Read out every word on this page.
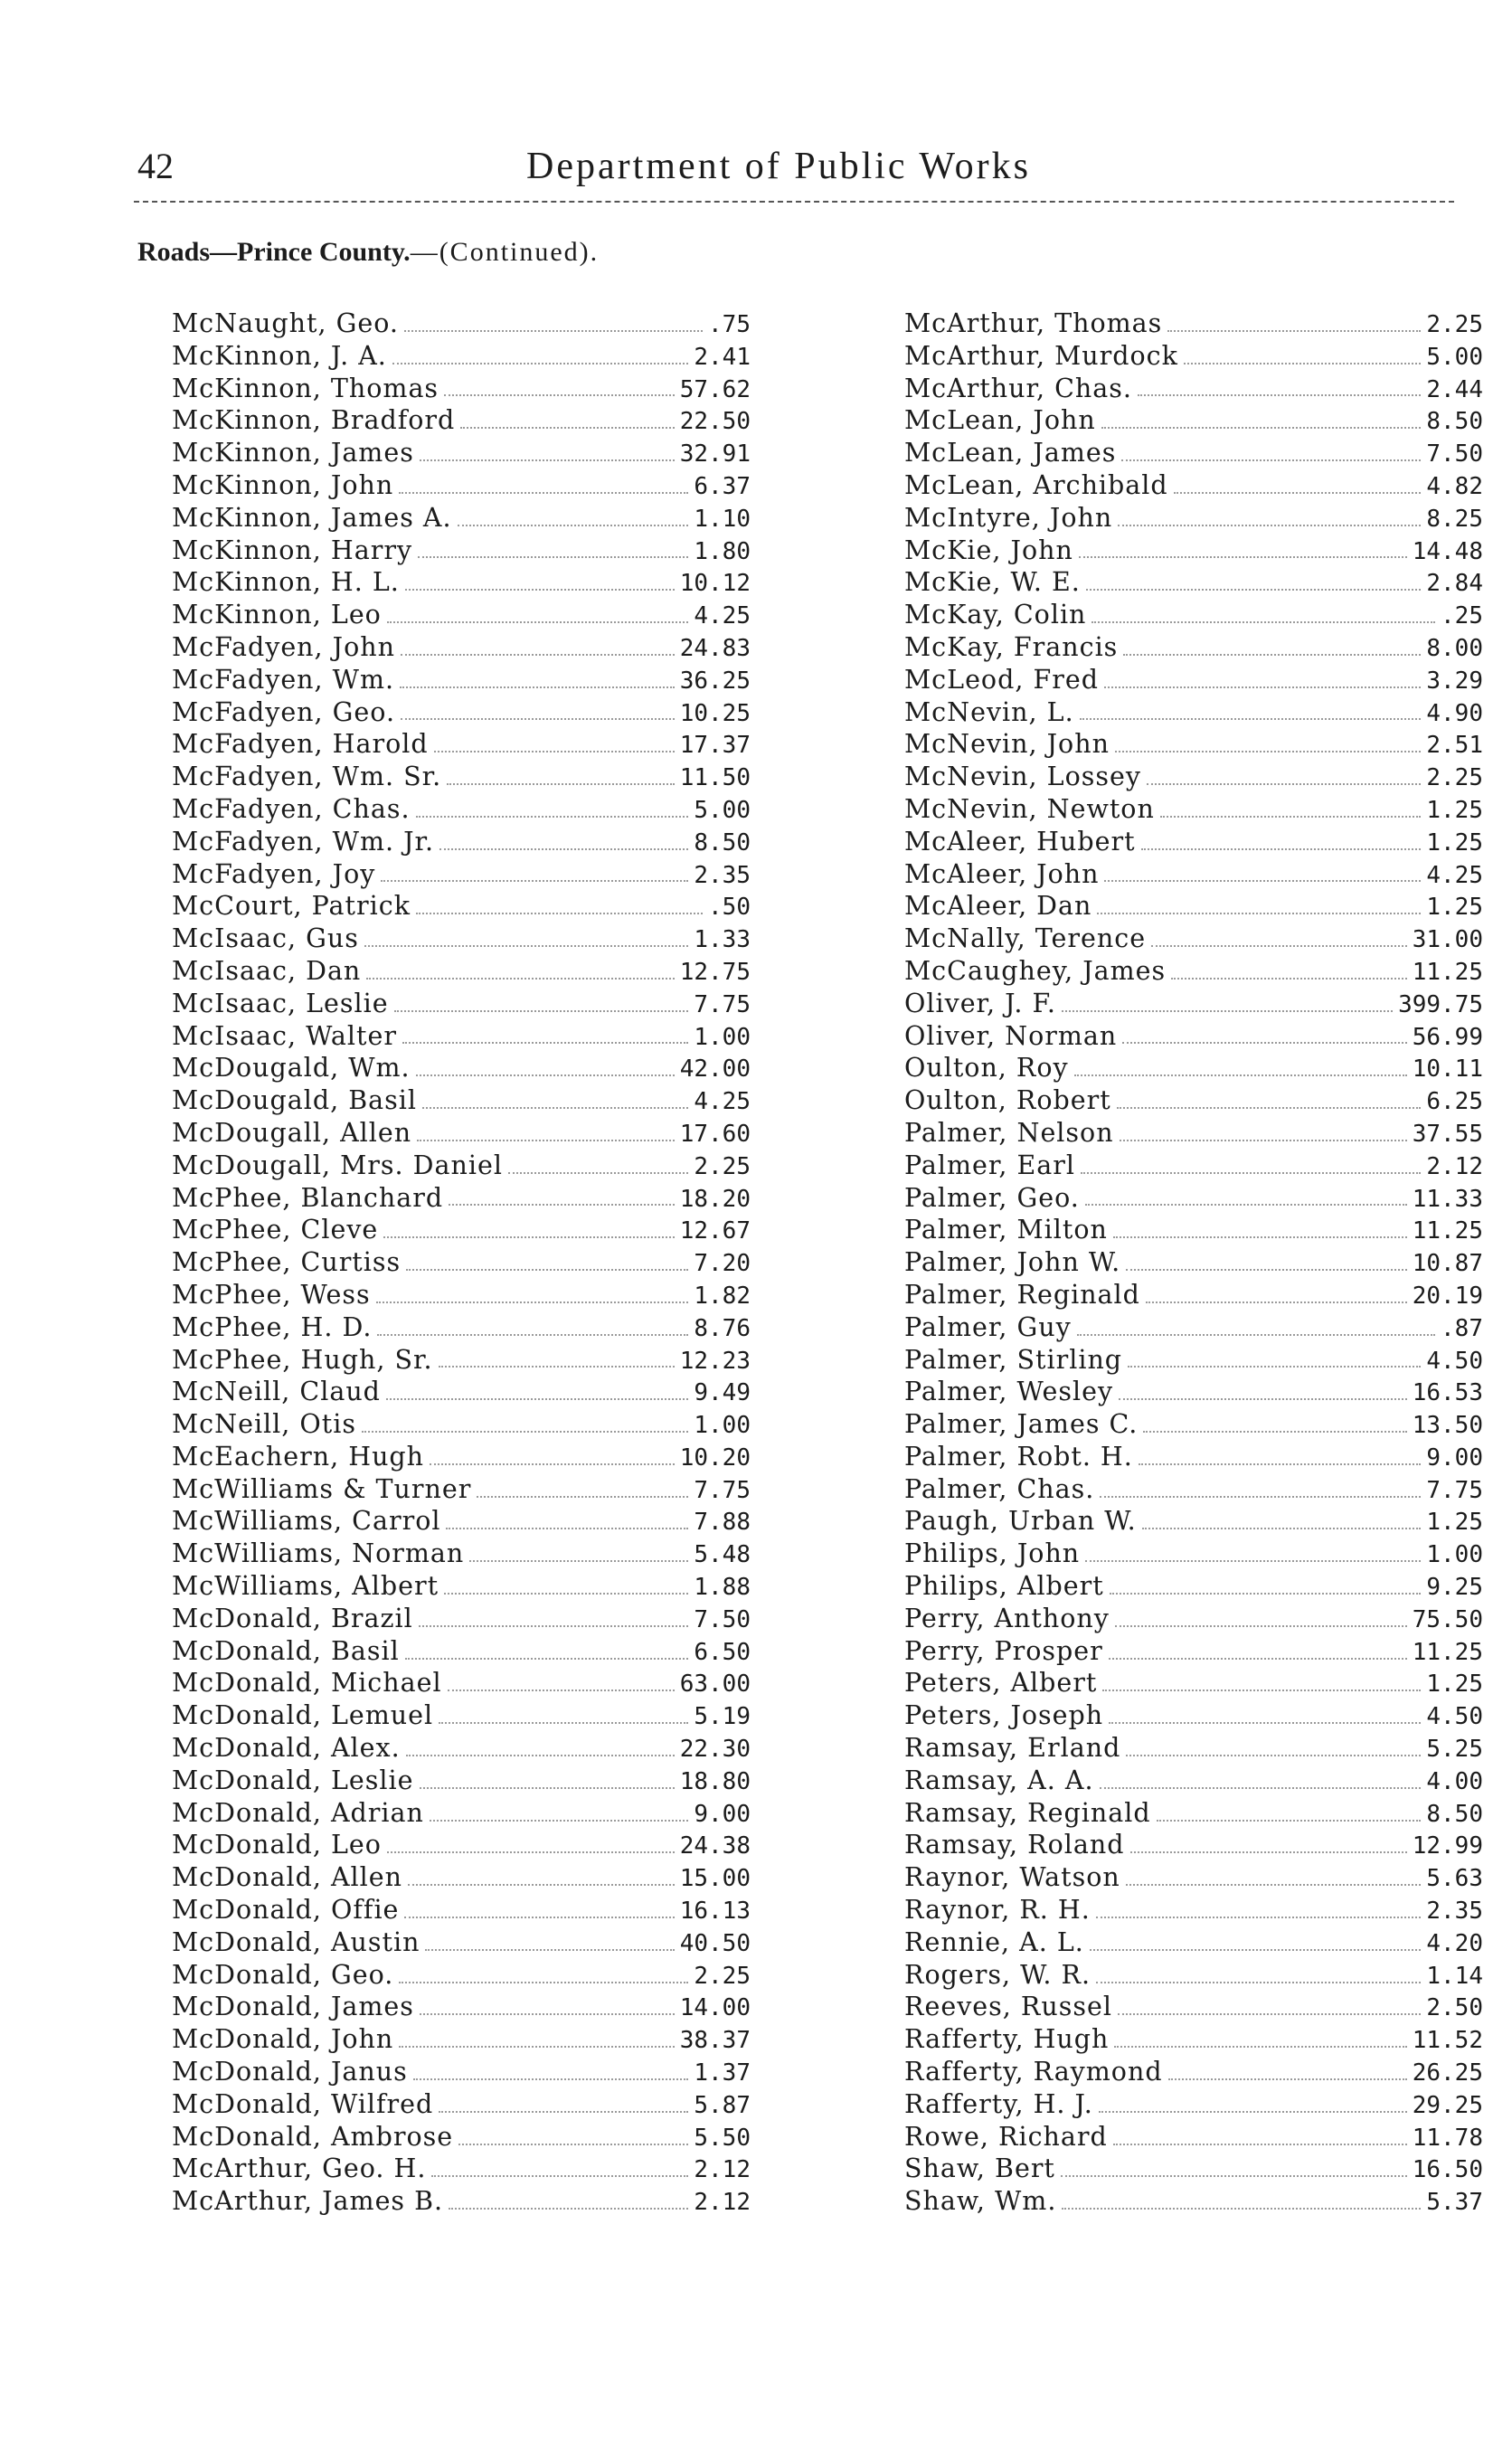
42	Department of Public Works
Roads—Prince County.—(Continued).
McNaught, Geo.	.75
McKinnon, J. A.	2.41
McKinnon, Thomas	57.62
McKinnon, Bradford	22.50
McKinnon, James	32.91
McKinnon, John	6.37
McKinnon, James A.	1.10
McKinnon, Harry	1.80
McKinnon, H. L.	10.12
McKinnon, Leo	4.25
McFadyen, John	24.83
McFadyen, Wm.	36.25
McFadyen, Geo.	10.25
McFadyen, Harold	17.37
McFadyen, Wm. Sr.	11.50
McFadyen, Chas.	5.00
McFadyen, Wm. Jr.	8.50
McFadyen, Joy	2.35
McCourt, Patrick	.50
McIsaac, Gus	1.33
McIsaac, Dan	12.75
McIsaac, Leslie	7.75
McIsaac, Walter	1.00
McDougald, Wm.	42.00
McDougald, Basil	4.25
McDougall, Allen	17.60
McDougall, Mrs. Daniel	2.25
McPhee, Blanchard	18.20
McPhee, Cleve	12.67
McPhee, Curtiss	7.20
McPhee, Wess	1.82
McPhee, H. D.	8.76
McPhee, Hugh, Sr.	12.23
McNeill, Claud	9.49
McNeill, Otis	1.00
McEachern, Hugh	10.20
McWilliams & Turner	7.75
McWilliams, Carrol	7.88
McWilliams, Norman	5.48
McWilliams, Albert	1.88
McDonald, Brazil	7.50
McDonald, Basil	6.50
McDonald, Michael	63.00
McDonald, Lemuel	5.19
McDonald, Alex.	22.30
McDonald, Leslie	18.80
McDonald, Adrian	9.00
McDonald, Leo	24.38
McDonald, Allen	15.00
McDonald, Offie	16.13
McDonald, Austin	40.50
McDonald, Geo.	2.25
McDonald, James	14.00
McDonald, John	38.37
McDonald, Janus	1.37
McDonald, Wilfred	5.87
McDonald, Ambrose	5.50
McArthur, Geo. H.	2.12
McArthur, James B.	2.12
McArthur, Thomas	2.25
McArthur, Murdock	5.00
McArthur, Chas.	2.44
McLean, John	8.50
McLean, James	7.50
McLean, Archibald	4.82
McIntyre, John	8.25
McKie, John	14.48
McKie, W. E.	2.84
McKay, Colin	.25
McKay, Francis	8.00
McLeod, Fred	3.29
McNevin, L.	4.90
McNevin, John	2.51
McNevin, Lossey	2.25
McNevin, Newton	1.25
McAleer, Hubert	1.25
McAleer, John	4.25
McAleer, Dan	1.25
McNally, Terence	31.00
McCaughey, James	11.25
Oliver, J. F.	399.75
Oliver, Norman	56.99
Oulton, Roy	10.11
Oulton, Robert	6.25
Palmer, Nelson	37.55
Palmer, Earl	2.12
Palmer, Geo.	11.33
Palmer, Milton	11.25
Palmer, John W.	10.87
Palmer, Reginald	20.19
Palmer, Guy	.87
Palmer, Stirling	4.50
Palmer, Wesley	16.53
Palmer, James C.	13.50
Palmer, Robt. H.	9.00
Palmer, Chas.	7.75
Paugh, Urban W.	1.25
Philips, John	1.00
Philips, Albert	9.25
Perry, Anthony	75.50
Perry, Prosper	11.25
Peters, Albert	1.25
Peters, Joseph	4.50
Ramsay, Erland	5.25
Ramsay, A. A.	4.00
Ramsay, Reginald	8.50
Ramsay, Roland	12.99
Raynor, Watson	5.63
Raynor, R. H.	2.35
Rennie, A. L.	4.20
Rogers, W. R.	1.14
Reeves, Russel	2.50
Rafferty, Hugh	11.52
Rafferty, Raymond	26.25
Rafferty, H. J.	29.25
Rowe, Richard	11.78
Shaw, Bert	16.50
Shaw, Wm.	5.37
